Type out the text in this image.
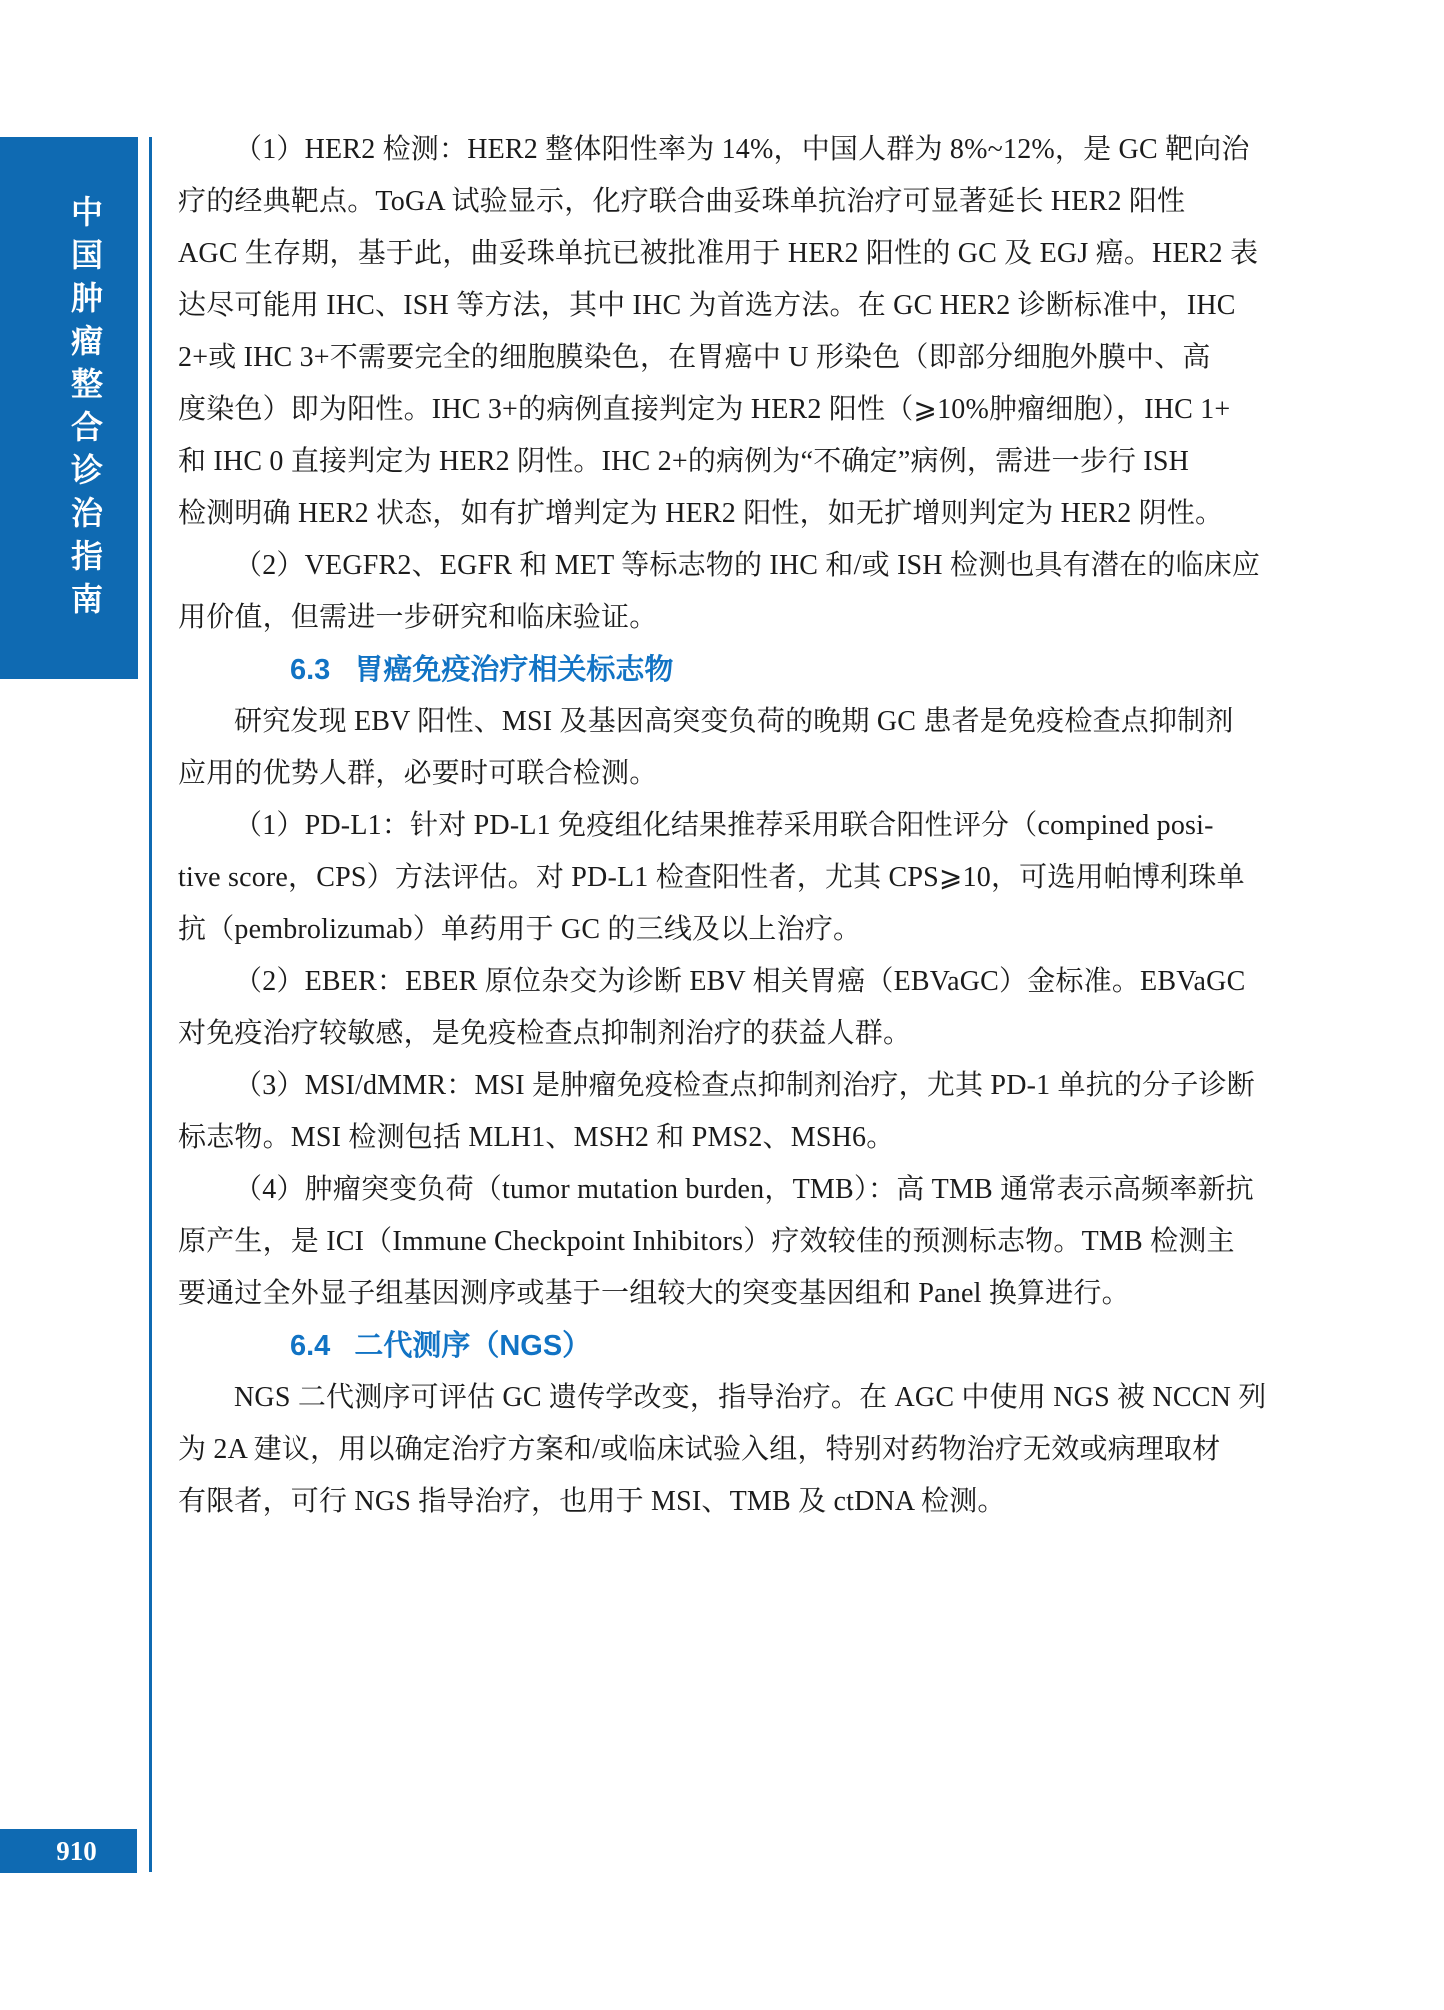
中国肿瘤整合诊治指南
910
（1）HER2 检测：HER2 整体阳性率为 14%，中国人群为 8%~12%，是 GC 靶向治
疗的经典靶点。ToGA 试验显示，化疗联合曲妥珠单抗治疗可显著延长 HER2 阳性
AGC 生存期，基于此，曲妥珠单抗已被批准用于 HER2 阳性的 GC 及 EGJ 癌。HER2 表
达尽可能用 IHC、ISH 等方法，其中 IHC 为首选方法。在 GC HER2 诊断标准中，IHC
2+或 IHC 3+不需要完全的细胞膜染色，在胃癌中 U 形染色（即部分细胞外膜中、高
度染色）即为阳性。IHC 3+的病例直接判定为 HER2 阳性（⩾10%肿瘤细胞），IHC 1+
和 IHC 0 直接判定为 HER2 阴性。IHC 2+的病例为“不确定”病例，需进一步行 ISH
检测明确 HER2 状态，如有扩增判定为 HER2 阳性，如无扩增则判定为 HER2 阴性。
（2）VEGFR2、EGFR 和 MET 等标志物的 IHC 和/或 ISH 检测也具有潜在的临床应
用价值，但需进一步研究和临床验证。
6.3 胃癌免疫治疗相关标志物
研究发现 EBV 阳性、MSI 及基因高突变负荷的晚期 GC 患者是免疫检查点抑制剂
应用的优势人群，必要时可联合检测。
（1）PD-L1：针对 PD-L1 免疫组化结果推荐采用联合阳性评分（compined posi-
tive score，CPS）方法评估。对 PD-L1 检查阳性者，尤其 CPS⩾10，可选用帕博利珠单
抗（pembrolizumab）单药用于 GC 的三线及以上治疗。
（2）EBER：EBER 原位杂交为诊断 EBV 相关胃癌（EBVaGC）金标准。EBVaGC
对免疫治疗较敏感，是免疫检查点抑制剂治疗的获益人群。
（3）MSI/dMMR：MSI 是肿瘤免疫检查点抑制剂治疗，尤其 PD-1 单抗的分子诊断
标志物。MSI 检测包括 MLH1、MSH2 和 PMS2、MSH6。
（4）肿瘤突变负荷（tumor mutation burden，TMB）：高 TMB 通常表示高频率新抗
原产生，是 ICI（Immune Checkpoint Inhibitors）疗效较佳的预测标志物。TMB 检测主
要通过全外显子组基因测序或基于一组较大的突变基因组和 Panel 换算进行。
6.4 二代测序（NGS）
NGS 二代测序可评估 GC 遗传学改变，指导治疗。在 AGC 中使用 NGS 被 NCCN 列
为 2A 建议，用以确定治疗方案和/或临床试验入组，特别对药物治疗无效或病理取材
有限者，可行 NGS 指导治疗，也用于 MSI、TMB 及 ctDNA 检测。
